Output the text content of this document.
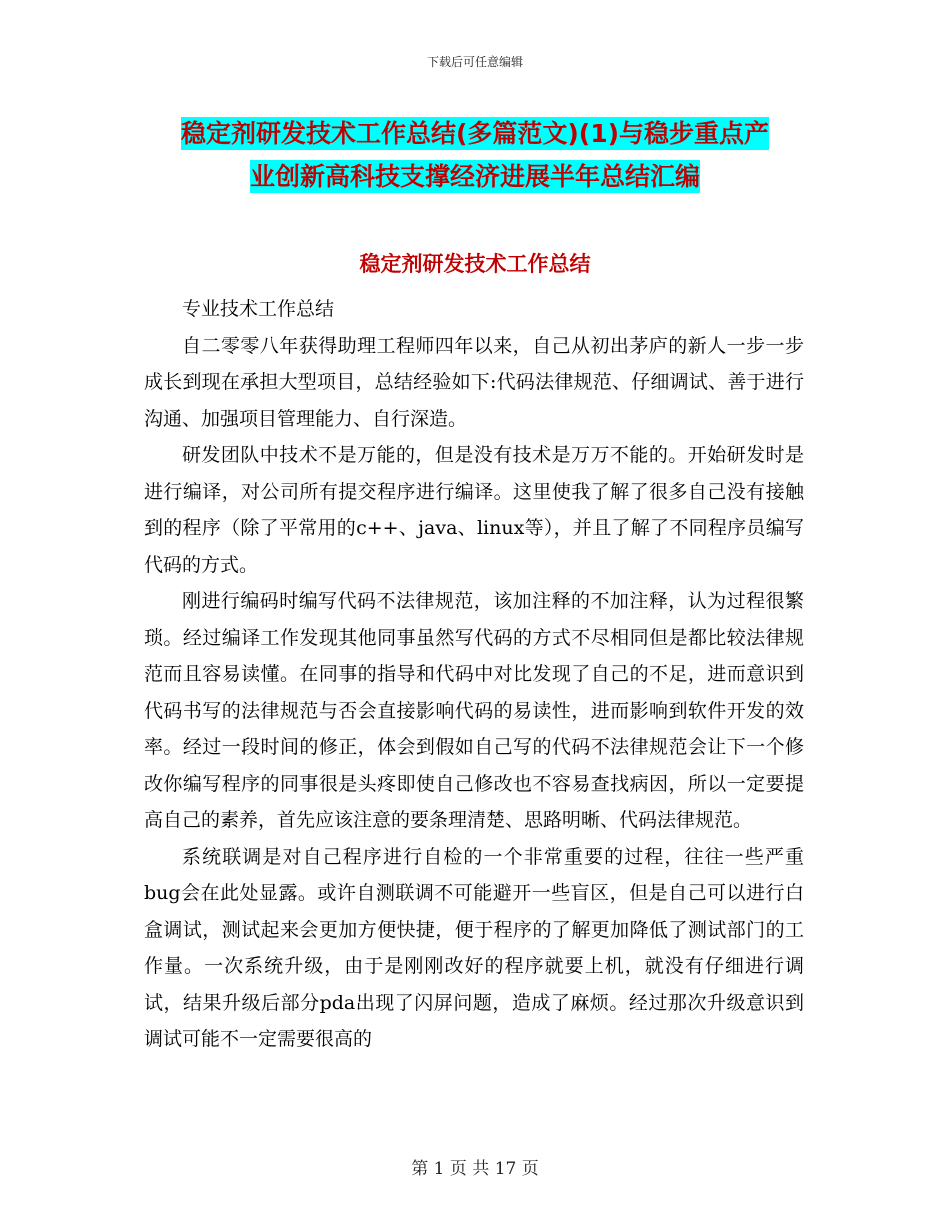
下载后可任意编辑
稳定剂研发技术工作总结(多篇范文)(1)与稳步重点产
业创新高科技支撑经济进展半年总结汇编
稳定剂研发技术工作总结

专业技术工作总结

自二零零八年获得助理工程师四年以来，自己从初出茅庐的新人一步一步成长到现在承担大型项目，总结经验如下:代码法律规范、仔细调试、善于进行沟通、加强项目管理能力、自行深造。

研发团队中技术不是万能的，但是没有技术是万万不能的。开始研发时是进行编译，对公司所有提交程序进行编译。这里使我了解了很多自己没有接触到的程序（除了平常用的c++、java、linux等），并且了解了不同程序员编写代码的方式。

刚进行编码时编写代码不法律规范，该加注释的不加注释，认为过程很繁琐。经过编译工作发现其他同事虽然写代码的方式不尽相同但是都比较法律规范而且容易读懂。在同事的指导和代码中对比发现了自己的不足，进而意识到代码书写的法律规范与否会直接影响代码的易读性，进而影响到软件开发的效率。经过一段时间的修正，体会到假如自己写的代码不法律规范会让下一个修改你编写程序的同事很是头疼即使自己修改也不容易查找病因，所以一定要提高自己的素养，首先应该注意的要条理清楚、思路明晰、代码法律规范。

系统联调是对自己程序进行自检的一个非常重要的过程，往往一些严重bug会在此处显露。或许自测联调不可能避开一些盲区，但是自己可以进行白盒调试，测试起来会更加方便快捷，便于程序的了解更加降低了测试部门的工作量。一次系统升级，由于是刚刚改好的程序就要上机，就没有仔细进行调试，结果升级后部分pda出现了闪屏问题，造成了麻烦。经过那次升级意识到调试可能不一定需要很高的

第 1 页 共 17 页
